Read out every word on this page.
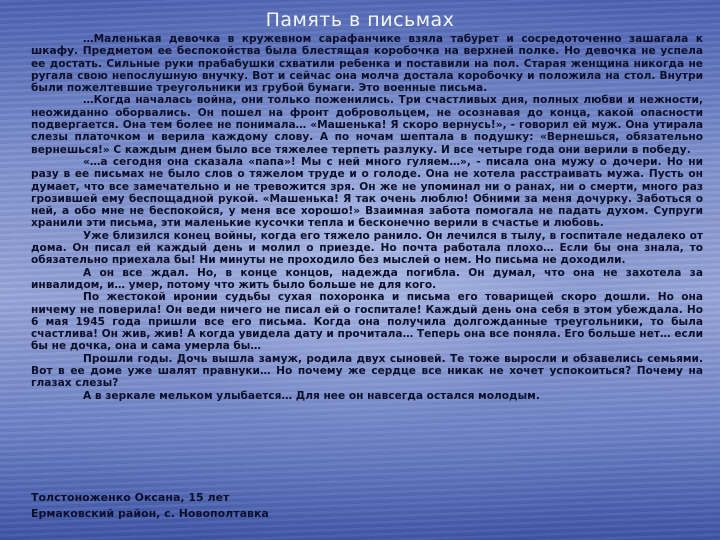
Память в письмах

…Маленькая девочка в кружевном сарафанчике взяла табурет и сосредоточенно зашагала к шкафу. Предметом ее беспокойства была блестящая коробочка на верхней полке. Но девочка не успела ее достать. Сильные руки прабабушки схватили ребенка и поставили на пол. Старая женщина никогда не ругала свою непослушную внучку. Вот и сейчас она молча достала коробочку и положила на стол. Внутри были пожелтевшие треугольники из грубой бумаги. Это военные письма.

…Когда началась война, они только поженились. Три счастливых дня, полных любви и нежности, неожиданно оборвались. Он пошел на фронт добровольцем, не осознавая до конца, какой опасности подвергается. Она тем более не понимала… «Машенька! Я скоро вернусь!», - говорил ей муж. Она утирала слезы платочком и верила каждому слову. А по ночам шептала в подушку: «Вернешься, обязательно вернешься!» С каждым днем было все тяжелее терпеть разлуку. И все четыре года они верили в победу.

«…а сегодня она сказала «папа»! Мы с ней много гуляем…», - писала она мужу о дочери. Но ни разу в ее письмах не было слов о тяжелом труде и о голоде. Она не хотела расстраивать мужа. Пусть он думает, что все замечательно и не тревожится зря. Он же не упоминал ни о ранах, ни о смерти, много раз грозившей ему беспощадной рукой. «Машенька! Я так очень люблю! Обними за меня дочурку. Заботься о ней, а обо мне не беспокойся, у меня все хорошо!» Взаимная забота помогала не падать духом. Супруги хранили эти письма, эти маленькие кусочки тепла и бесконечно верили в счастье и любовь.

Уже близился конец войны, когда его тяжело ранило. Он лечился в тылу, в госпитале недалеко от дома. Он писал ей каждый день и молил о приезде. Но почта работала плохо… Если бы она знала, то обязательно приехала бы! Ни минуты не проходило без мыслей о нем. Но письма не доходили.

А он все ждал. Но, в конце концов, надежда погибла. Он думал, что она не захотела за инвалидом, и… умер, потому что жить было больше не для кого.

По жестокой иронии судьбы сухая похоронка и письма его товарищей скоро дошли. Но она ничему не поверила! Он веди ничего не писал ей о госпитале! Каждый день она себя в этом убеждала. Но 6 мая 1945 года пришли все его письма. Когда она получила долгожданные треугольники, то была счастлива! Он жив, жив! А когда увидела дату и прочитала… Теперь она все поняла. Его больше нет… если бы не дочка, она и сама умерла бы…

Прошли годы. Дочь вышла замуж, родила двух сыновей. Те тоже выросли и обзавелись семьями. Вот в ее доме уже шалят правнуки… Но почему же сердце все никак не хочет успокоиться? Почему на глазах слезы?

А в зеркале мельком улыбается… Для нее он навсегда остался молодым.

Толстоноженко Оксана, 15 лет
Ермаковский район, с. Новополтавка
